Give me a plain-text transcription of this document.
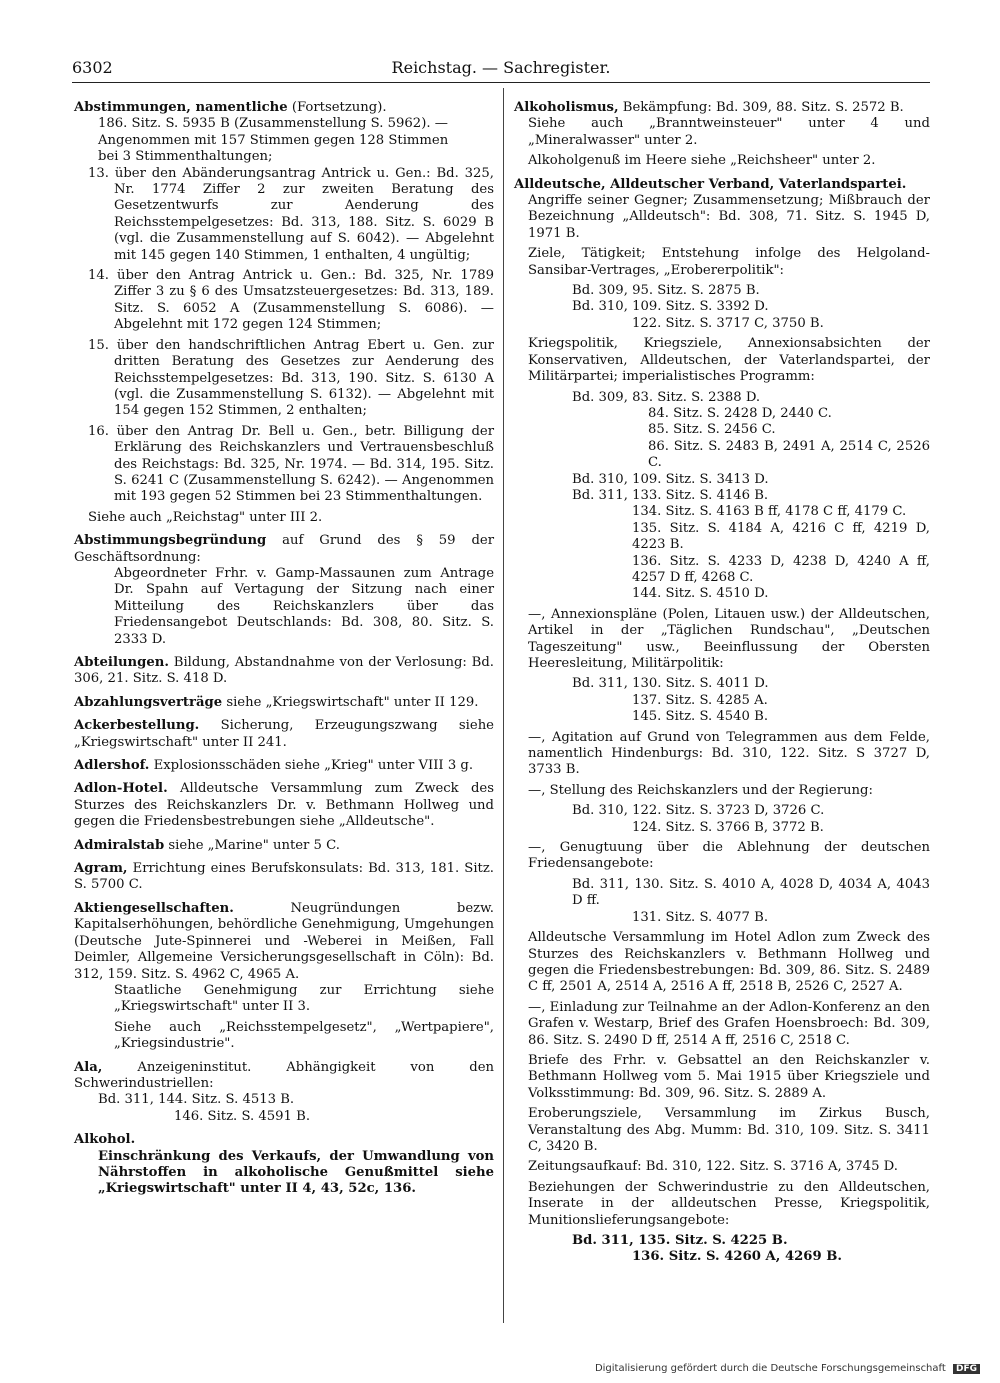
6302	Reichstag. — Sachregister.
Abstimmungen, namentliche (Fortsetzung).
186. Sitz. S. 5935 B (Zusammenstellung S. 5962). —
Angenommen mit 157 Stimmen gegen 128 Stimmen
bei 3 Stimmenthaltungen;
13. über den Abänderungsantrag Antrick u. Gen.: Bd. 325, Nr. 1774 Ziffer 2 zur zweiten Beratung des Gesetzentwurfs zur Aenderung des Reichsstempelgesetzes: Bd. 313, 188. Sitz. S. 6029 B (vgl. die Zusammenstellung auf S. 6042). — Abgelehnt mit 145 gegen 140 Stimmen, 1 enthalten, 4 ungültig;
14. über den Antrag Antrick u. Gen.: Bd. 325, Nr. 1789 Ziffer 3 zu § 6 des Umsatzsteuergesetzes: Bd. 313, 189. Sitz. S. 6052 A (Zusammenstellung S. 6086). — Abgelehnt mit 172 gegen 124 Stimmen;
15. über den handschriftlichen Antrag Ebert u. Gen. zur dritten Beratung des Gesetzes zur Aenderung des Reichsstempelgesetzes: Bd. 313, 190. Sitz. S. 6130 A (vgl. die Zusammenstellung S. 6132). — Abgelehnt mit 154 gegen 152 Stimmen, 2 enthalten;
16. über den Antrag Dr. Bell u. Gen., betr. Billigung der Erklärung des Reichskanzlers und Vertrauensbeschluß des Reichstags: Bd. 325, Nr. 1974. — Bd. 314, 195. Sitz. S. 6241 C (Zusammenstellung S. 6242). — Angenommen mit 193 gegen 52 Stimmen bei 23 Stimmenthaltungen.
Siehe auch „Reichstag" unter III 2.
Abstimmungsbegründung auf Grund des § 59 der Geschäftsordnung:
Abgeordneter Frhr. v. Gamp-Massaunen zum Antrage Dr. Spahn auf Vertagung der Sitzung nach einer Mitteilung des Reichskanzlers über das Friedensangebot Deutschlands: Bd. 308, 80. Sitz. S. 2333 D.
Abteilungen. Bildung, Abstandnahme von der Verlosung: Bd. 306, 21. Sitz. S. 418 D.
Abzahlungsverträge siehe „Kriegswirtschaft" unter II 129.
Ackerbestellung. Sicherung, Erzeugungszwang siehe „Kriegswirtschaft" unter II 241.
Adlershof. Explosionsschäden siehe „Krieg" unter VIII 3 g.
Adlon-Hotel. Alldeutsche Versammlung zum Zweck des Sturzes des Reichskanzlers Dr. v. Bethmann Hollweg und gegen die Friedensbestrebungen siehe „Alldeutsche".
Admiralstab siehe „Marine" unter 5 C.
Agram, Errichtung eines Berufskonsulats: Bd. 313, 181. Sitz. S. 5700 C.
Aktiengesellschaften.	Neugründungen bezw. Kapitalserhöhungen, behördliche Genehmigung, Umgehungen (Deutsche Jute-Spinnerei und -Weberei in Meißen, Fall Deimler, Allgemeine Versicherungsgesellschaft in Cöln): Bd. 312, 159. Sitz. S. 4962 C, 4965 A.
Staatliche Genehmigung zur Errichtung siehe „Kriegswirtschaft" unter II 3.
Siehe auch „Reichsstempelgesetz", „Wertpapiere", „Kriegsindustrie".
Ala,	Anzeigeninstitut. Abhängigkeit von den Schwerindustriellen:
Bd. 311, 144. Sitz. S. 4513 B.
146. Sitz. S. 4591 B.
Alkohol.
Einschränkung des Verkaufs, der Umwandlung von Nährstoffen in alkoholische Genußmittel siehe „Kriegswirtschaft" unter II 4, 43, 52c, 136.
Alkoholismus, Bekämpfung: Bd. 309, 88. Sitz. S. 2572 B.
Siehe auch „Branntweinsteuer" unter 4 und „Mineralwasser" unter 2.
Alkoholgenuß im Heere siehe „Reichsheer" unter 2.
Alldeutsche, Alldeutscher Verband, Vaterlandspartei.
Angriffe seiner Gegner; Zusammensetzung; Mißbrauch der Bezeichnung „Alldeutsch": Bd. 308, 71. Sitz. S. 1945 D, 1971 B.
Ziele, Tätigkeit; Entstehung infolge des Helgoland-Sansibar-Vertrages, „Erobererpolitik":
Bd. 309, 95. Sitz. S. 2875 B.
Bd. 310, 109. Sitz. S. 3392 D.
122. Sitz. S. 3717 C, 3750 B.
Kriegspolitik, Kriegsziele, Annexionsabsichten der Konservativen, Alldeutschen, der Vaterlandspartei, der Militärpartei; imperialistisches Programm:
Bd. 309, 83. Sitz. S. 2388 D.
84. Sitz. S. 2428 D, 2440 C.
85. Sitz. S. 2456 C.
86. Sitz. S. 2483 B, 2491 A, 2514 C, 2526 C.
Bd. 310, 109. Sitz. S. 3413 D.
Bd. 311, 133. Sitz. S. 4146 B.
134. Sitz. S. 4163 B ff, 4178 C ff, 4179 C.
135. Sitz. S. 4184 A, 4216 C ff, 4219 D, 4223 B.
136. Sitz. S. 4233 D, 4238 D, 4240 A ff, 4257 D ff, 4268 C.
144. Sitz. S. 4510 D.
—, Annexionspläne (Polen, Litauen usw.) der Alldeutschen, Artikel in der „Täglichen Rundschau", „Deutschen Tageszeitung" usw., Beeinflussung der Obersten Heeresleitung, Militärpolitik:
Bd. 311, 130. Sitz. S. 4011 D.
137. Sitz. S. 4285 A.
145. Sitz. S. 4540 B.
—, Agitation auf Grund von Telegrammen aus dem Felde, namentlich Hindenburgs: Bd. 310, 122. Sitz. S 3727 D, 3733 B.
—, Stellung des Reichskanzlers und der Regierung:
Bd. 310, 122. Sitz. S. 3723 D, 3726 C.
124. Sitz. S. 3766 B, 3772 B.
—, Genugtuung über die Ablehnung der deutschen Friedensangebote:
Bd. 311, 130. Sitz. S. 4010 A, 4028 D, 4034 A, 4043 D ff.
131. Sitz. S. 4077 B.
Alldeutsche Versammlung im Hotel Adlon zum Zweck des Sturzes des Reichskanzlers v. Bethmann Hollweg und gegen die Friedensbestrebungen: Bd. 309, 86. Sitz. S. 2489 C ff, 2501 A, 2514 A, 2516 A ff, 2518 B, 2526 C, 2527 A.
—, Einladung zur Teilnahme an der Adlon-Konferenz an den Grafen v. Westarp, Brief des Grafen Hoensbroech: Bd. 309, 86. Sitz. S. 2490 D ff, 2514 A ff, 2516 C, 2518 C.
Briefe des Frhr. v. Gebsattel an den Reichskanzler v. Bethmann Hollweg vom 5. Mai 1915 über Kriegsziele und Volksstimmung: Bd. 309, 96. Sitz. S. 2889 A.
Eroberungsziele, Versammlung im Zirkus Busch, Veranstaltung des Abg. Mumm: Bd. 310, 109. Sitz. S. 3411 C, 3420 B.
Zeitungsaufkauf: Bd. 310, 122. Sitz. S. 3716 A, 3745 D.
Beziehungen der Schwerindustrie zu den Alldeutschen, Inserate in der alldeutschen Presse, Kriegspolitik, Munitionslieferungsangebote:
Bd. 311, 135. Sitz. S. 4225 B.
136. Sitz. S. 4260 A, 4269 B.
Digitalisierung gefördert durch die Deutsche Forschungsgemeinschaft DFG
